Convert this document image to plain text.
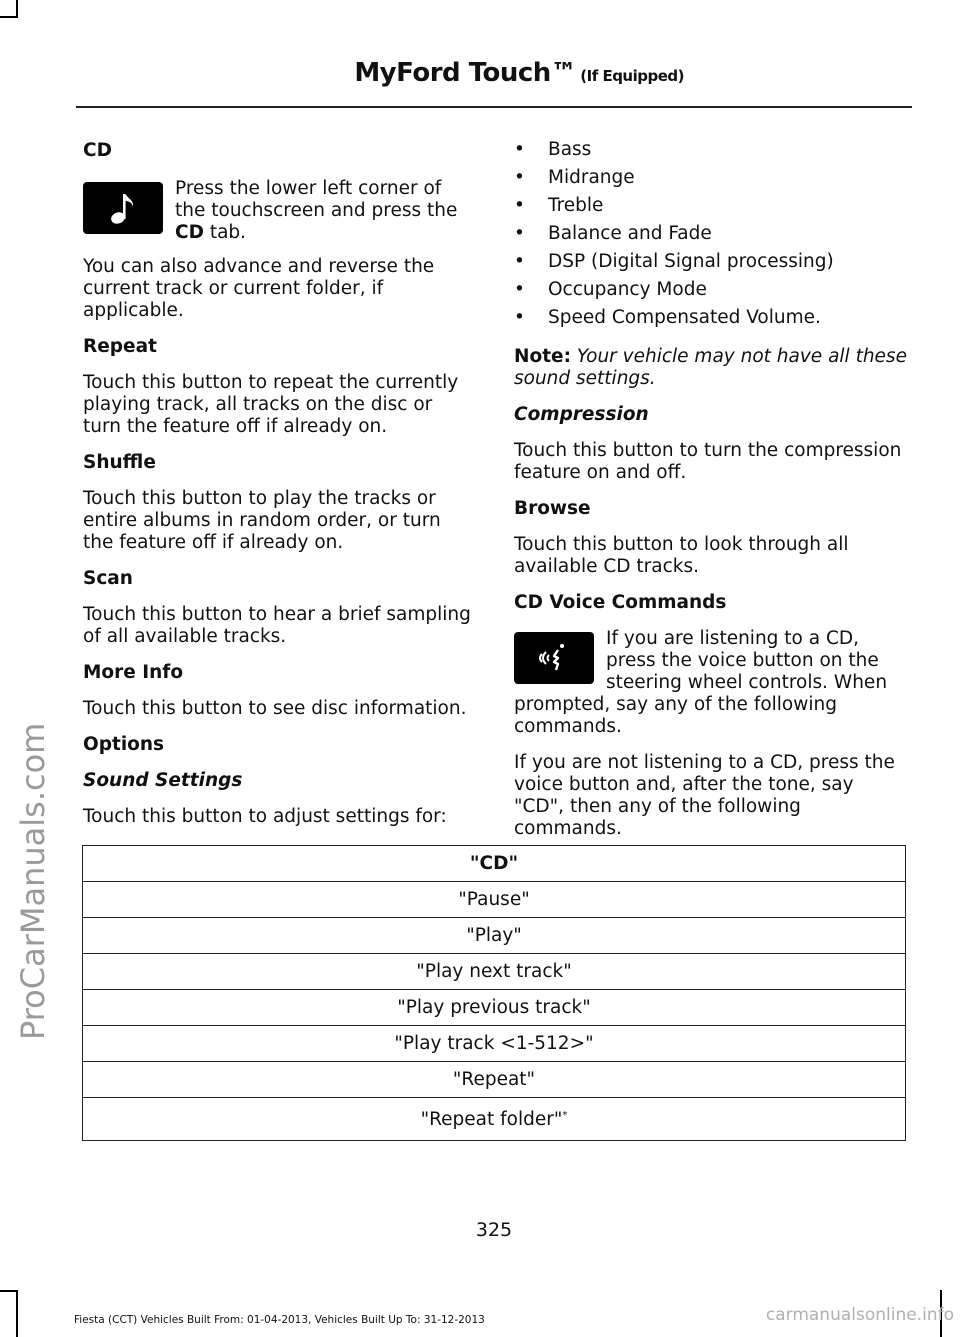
MyFord Touch™ (If Equipped)
ProCarManuals.com
CD
Press the lower left corner of the touchscreen and press the CD tab.

You can also advance and reverse the current track or current folder, if applicable.

Repeat

Touch this button to repeat the currently playing track, all tracks on the disc or turn the feature off if already on.

Shuffle

Touch this button to play the tracks or entire albums in random order, or turn the feature off if already on.

Scan

Touch this button to hear a brief sampling of all available tracks.

More Info

Touch this button to see disc information.

Options
Sound Settings

Touch this button to adjust settings for:

• Bass
• Midrange
• Treble
• Balance and Fade
• DSP (Digital Signal processing)
• Occupancy Mode
• Speed Compensated Volume.

Note: Your vehicle may not have all these sound settings.

Compression

Touch this button to turn the compression feature on and off.

Browse

Touch this button to look through all available CD tracks.

CD Voice Commands
If you are listening to a CD, press the voice button on the steering wheel controls. When prompted, say any of the following commands.

If you are not listening to a CD, press the voice button and, after the tone, say "CD", then any of the following commands.

"CD"
"Pause"
"Play"
"Play next track"
"Play previous track"
"Play track <1-512>"
"Repeat"
"Repeat folder"*
325
Fiesta (CCT) Vehicles Built From: 01-04-2013, Vehicles Built Up To: 31-12-2013	carmanualsonline.info
